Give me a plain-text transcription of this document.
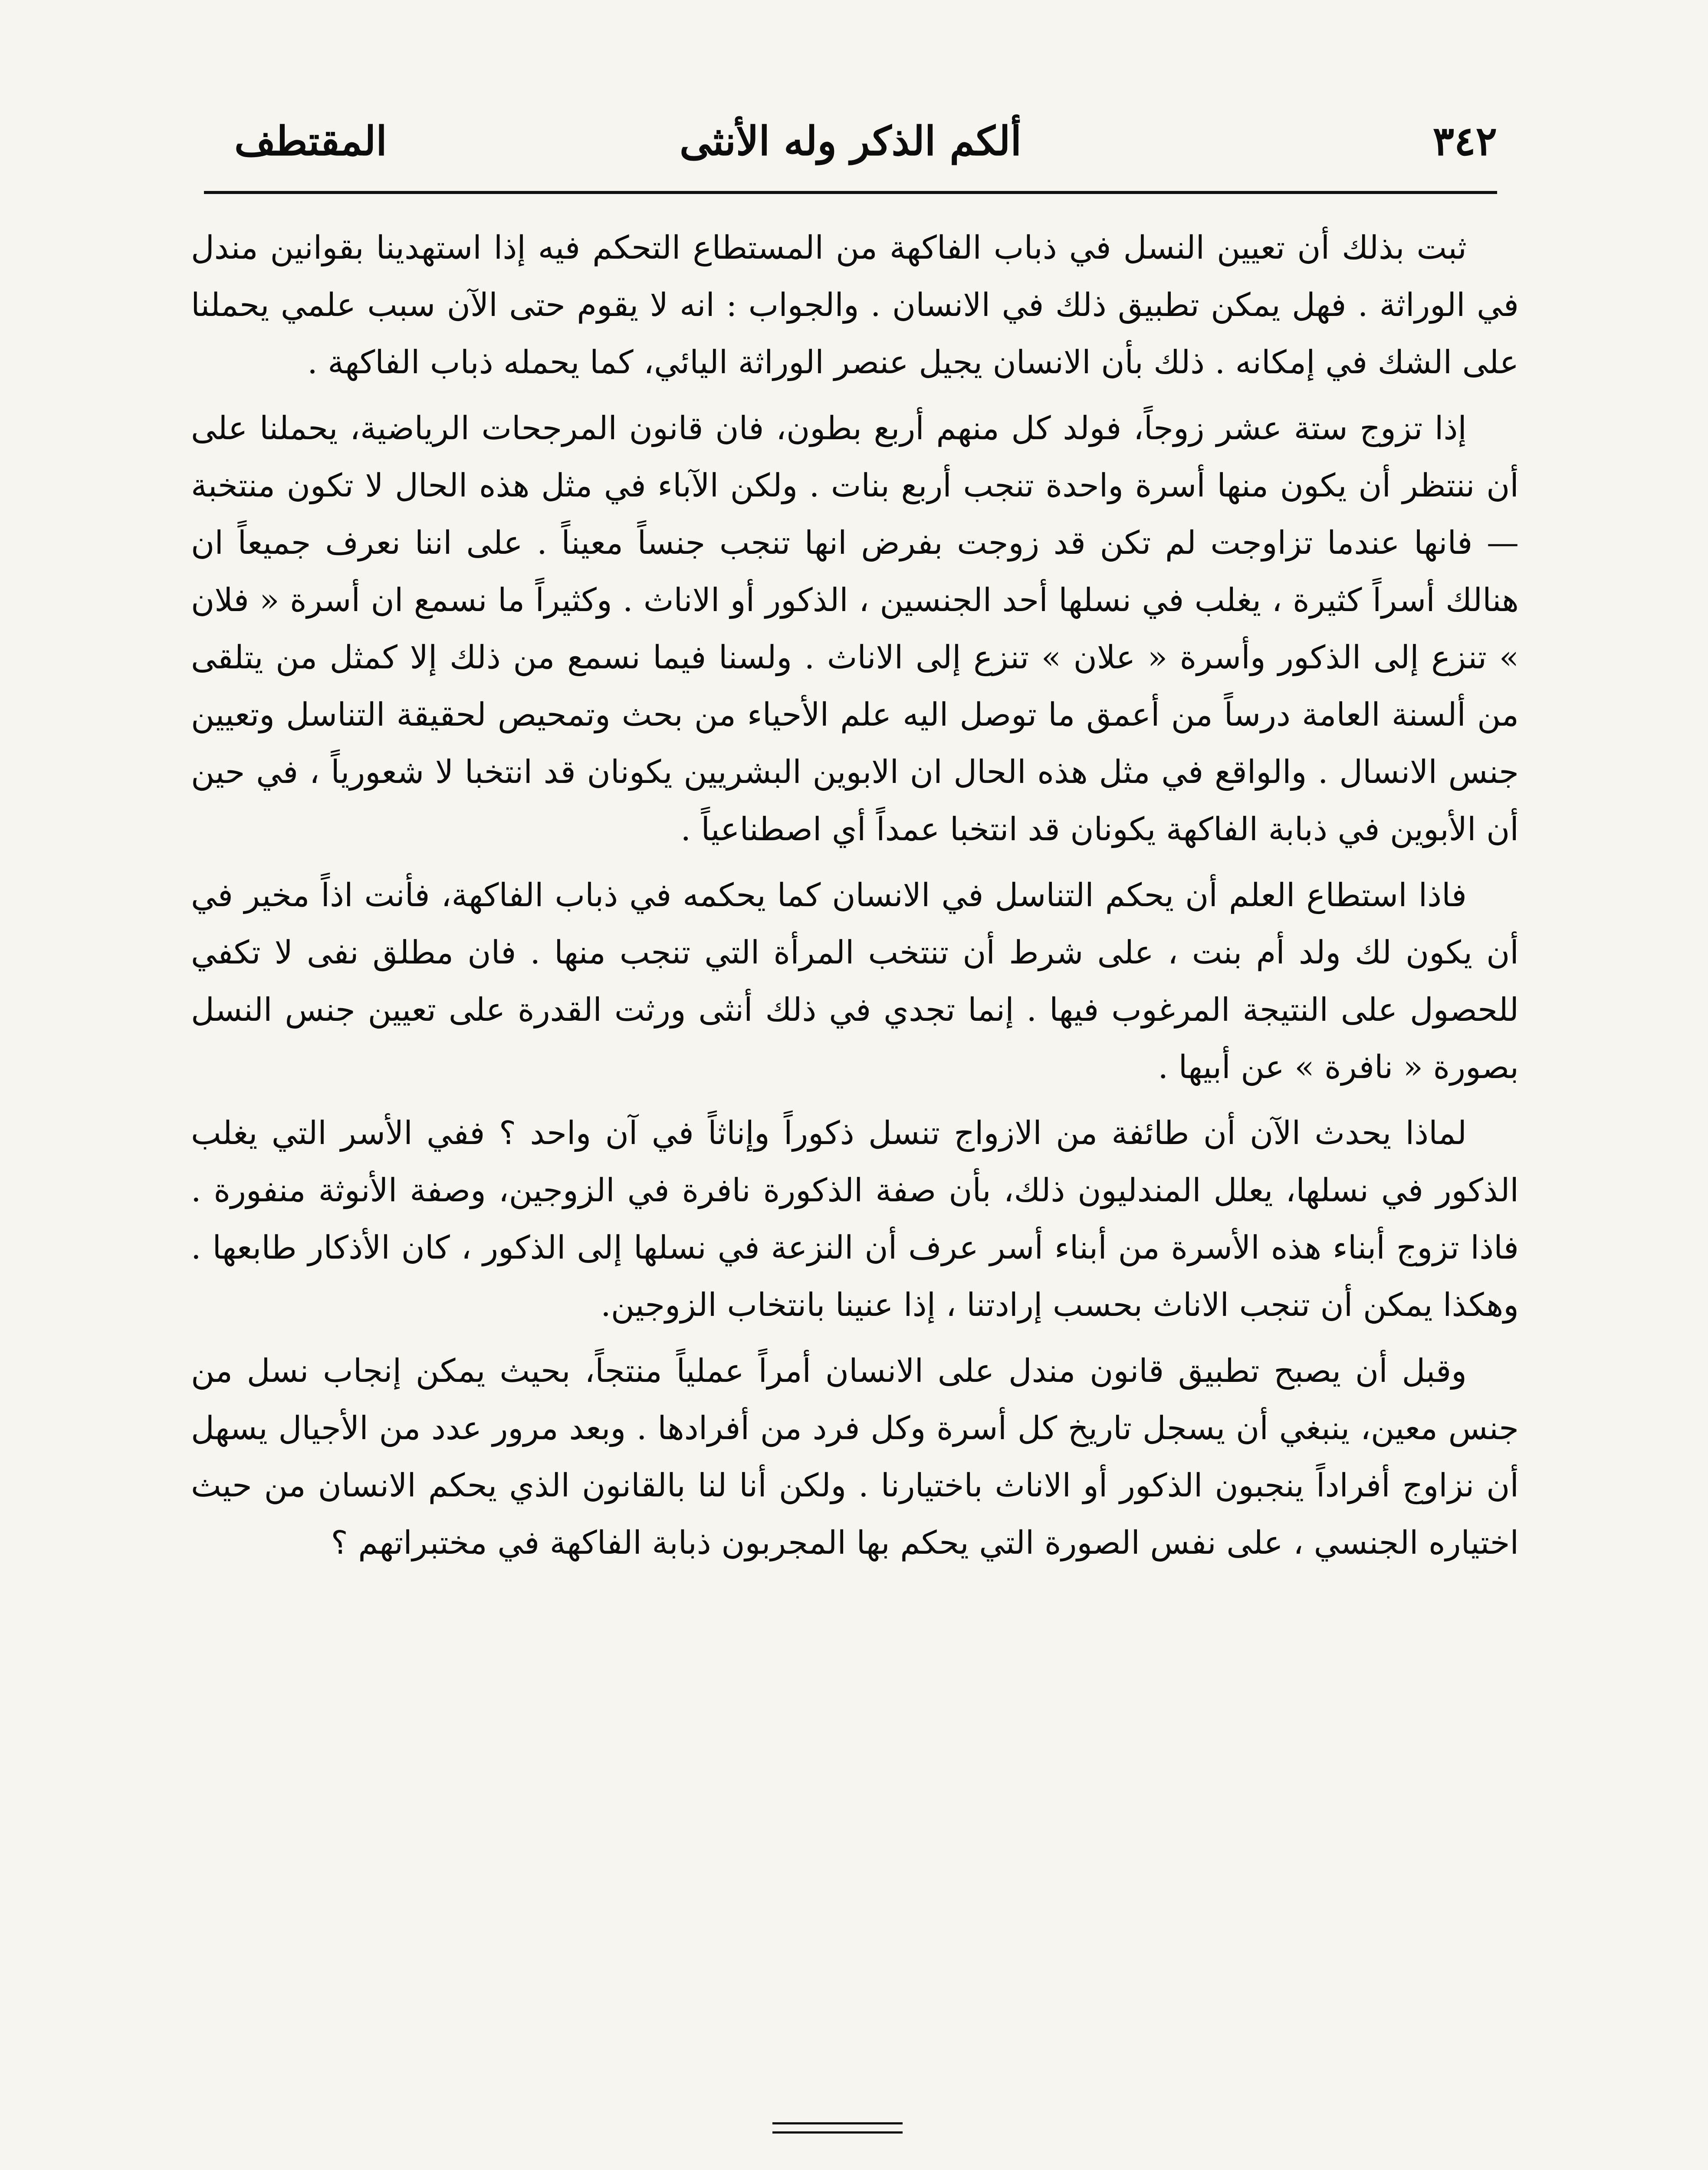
المقتطف	ألكم الذكر وله الأنثى	٣٤٢

ثبت بذلك أن تعيين النسل في ذباب الفاكهة من المستطاع التحكم فيه إذا استهدينا بقوانين مندل في الوراثة . فهل يمكن تطبيق ذلك في الانسان . والجواب : انه لا يقوم حتى الآن سبب علمي يحملنا على الشك في إمكانه . ذلك بأن الانسان يجيل عنصر الوراثة اليائي، كما يحمله ذباب الفاكهة .

إذا تزوج ستة عشر زوجاً، فولد كل منهم أربع بطون، فان قانون المرجحات الرياضية، يحملنا على أن ننتظر أن يكون منها أسرة واحدة تنجب أربع بنات . ولكن الآباء في مثل هذه الحال لا تكون منتخبة — فانها عندما تزاوجت لم تكن قد زوجت بفرض انها تنجب جنساً معيناً . على اننا نعرف جميعاً ان هنالك أسراً كثيرة ، يغلب في نسلها أحد الجنسين ، الذكور أو الاناث . وكثيراً ما نسمع ان أسرة « فلان » تنزع إلى الذكور وأسرة « علان » تنزع إلى الاناث . ولسنا فيما نسمع من ذلك إلا كمثل من يتلقى من ألسنة العامة درساً من أعمق ما توصل اليه علم الأحياء من بحث وتمحيص لحقيقة التناسل وتعيين جنس الانسال . والواقع في مثل هذه الحال ان الابوين البشريين يكونان قد انتخبا لا شعورياً ، في حين أن الأبوين في ذبابة الفاكهة يكونان قد انتخبا عمداً أي اصطناعياً .

فاذا استطاع العلم أن يحكم التناسل في الانسان كما يحكمه في ذباب الفاكهة، فأنت اذاً مخير في أن يكون لك ولد أم بنت ، على شرط أن تنتخب المرأة التي تنجب منها . فان مطلق نفى لا تكفي للحصول على النتيجة المرغوب فيها . إنما تجدي في ذلك أنثى ورثت القدرة على تعيين جنس النسل بصورة « نافرة » عن أبيها .

لماذا يحدث الآن أن طائفة من الازواج تنسل ذكوراً وإناثاً في آن واحد ؟ ففي الأسر التي يغلب الذكور في نسلها، يعلل المندليون ذلك، بأن صفة الذكورة نافرة في الزوجين، وصفة الأنوثة منفورة . فاذا تزوج أبناء هذه الأسرة من أبناء أسر عرف أن النزعة في نسلها إلى الذكور ، كان الأذكار طابعها . وهكذا يمكن أن تنجب الاناث بحسب إرادتنا ، إذا عنينا بانتخاب الزوجين.

وقبل أن يصبح تطبيق قانون مندل على الانسان أمراً عملياً منتجاً، بحيث يمكن إنجاب نسل من جنس معين، ينبغي أن يسجل تاريخ كل أسرة وكل فرد من أفرادها . وبعد مرور عدد من الأجيال يسهل أن نزاوج أفراداً ينجبون الذكور أو الاناث باختيارنا . ولكن أنا لنا بالقانون الذي يحكم الانسان من حيث اختياره الجنسي ، على نفس الصورة التي يحكم بها المجربون ذبابة الفاكهة في مختبراتهم ؟
